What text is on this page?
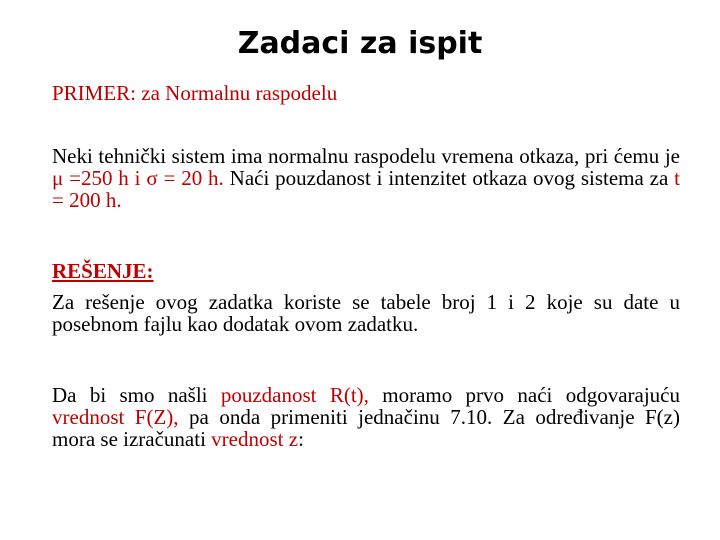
Zadaci za ispit

PRIMER: za Normalnu raspodelu

Neki tehnički sistem ima normalnu raspodelu vremena otkaza, pri ćemu je μ =250 h i σ = 20 h. Naći pouzdanost i intenzitet otkaza ovog sistema za t = 200 h.

REŠENJE:

Za rešenje ovog zadatka koriste se tabele broj 1 i 2 koje su date u posebnom fajlu kao dodatak ovom zadatku.

Da bi smo našli pouzdanost R(t), moramo prvo naći odgovarajuću vrednost F(Z), pa onda primeniti jednačinu 7.10. Za određivanje F(z) mora se izračunati vrednost z:
